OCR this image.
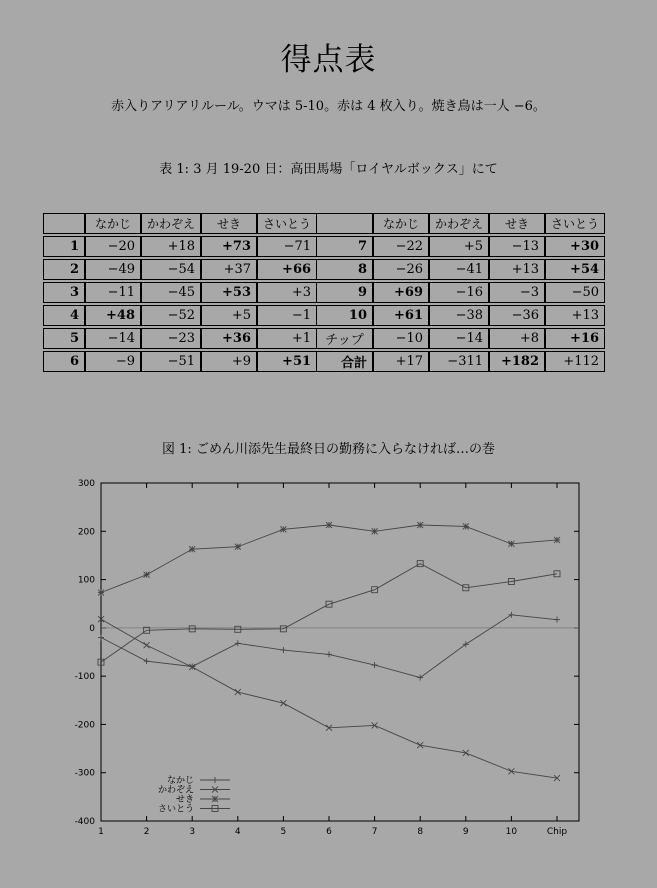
得点表
赤入りアリアリルール。ウマは 5-10。赤は 4 枚入り。焼き鳥は一人 −6。
表 1: 3 月 19-20 日：高田馬場「ロイヤルボックス」にて
	なかじ	かわぞえ	せき	さいとう
1	−20	+18	+73	−71
2	−49	−54	+37	+66
3	−11	−45	+53	+3
4	+48	−52	+5	−1
5	−14	−23	+36	+1
6	−9	−51	+9	+51
	なかじ	かわぞえ	せき	さいとう
7	−22	+5	−13	+30
8	−26	−41	+13	+54
9	+69	−16	−3	−50
10	+61	−38	−36	+13
チップ	−10	−14	+8	+16
合計	+17	−311	+182	+112
図 1: ごめん川添先生最終日の勤務に入らなければ…の巻
-400
-300
-200
-100
0
100
200
300
1	2	3	4	5	6	7	8	9	10	Chip
なかじ
かわぞえ
せき
さいとう
